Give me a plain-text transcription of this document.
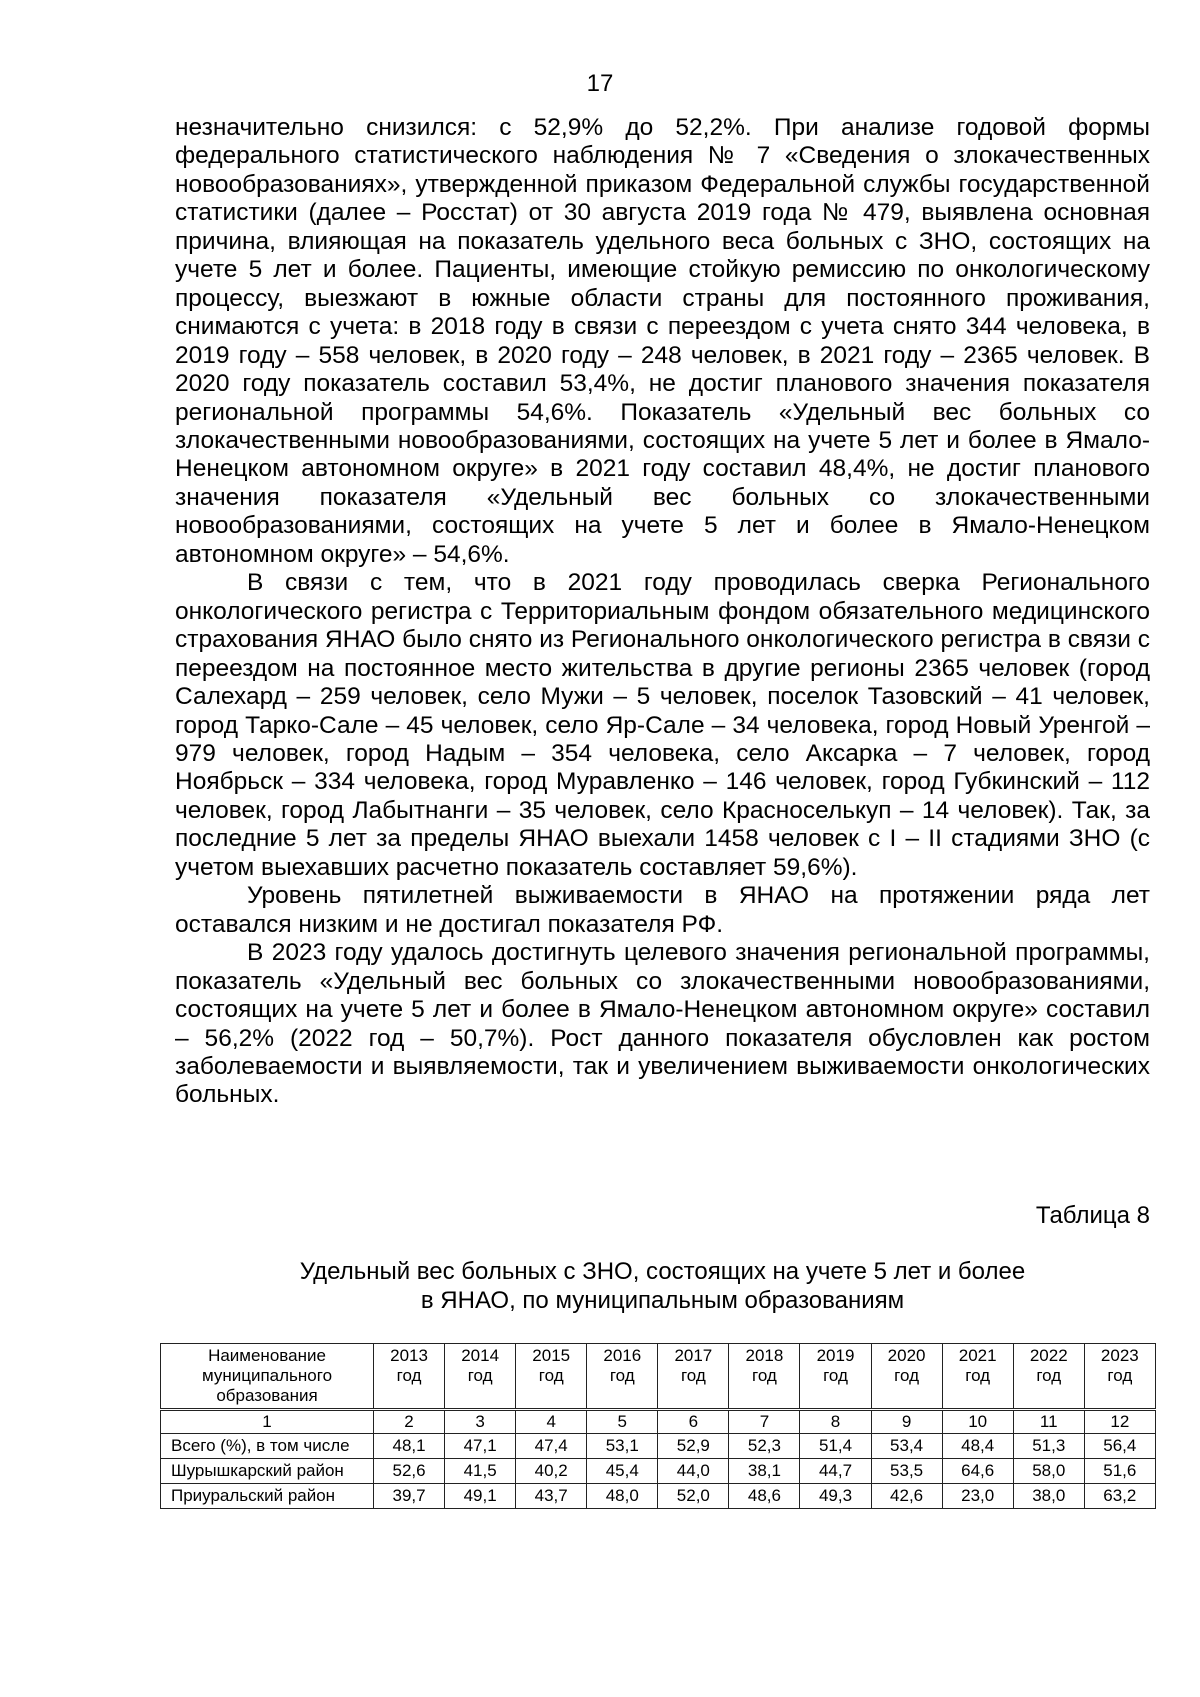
17

незначительно снизился: с 52,9% до 52,2%. При анализе годовой формы федерального статистического наблюдения № 7 «Сведения о злокачественных новообразованиях», утвержденной приказом Федеральной службы государственной статистики (далее – Росстат) от 30 августа 2019 года № 479, выявлена основная причина, влияющая на показатель удельного веса больных с ЗНО, состоящих на учете 5 лет и более. Пациенты, имеющие стойкую ремиссию по онкологическому процессу, выезжают в южные области страны для постоянного проживания, снимаются с учета: в 2018 году в связи с переездом с учета снято 344 человека, в 2019 году – 558 человек, в 2020 году – 248 человек, в 2021 году – 2365 человек. В 2020 году показатель составил 53,4%, не достиг планового значения показателя региональной программы 54,6%. Показатель «Удельный вес больных со злокачественными новообразованиями, состоящих на учете 5 лет и более в Ямало-Ненецком автономном округе» в 2021 году составил 48,4%, не достиг планового значения показателя «Удельный вес больных со злокачественными новообразованиями, состоящих на учете 5 лет и более в Ямало-Ненецком автономном округе» – 54,6%.

В связи с тем, что в 2021 году проводилась сверка Регионального онкологического регистра с Территориальным фондом обязательного медицинского страхования ЯНАО было снято из Регионального онкологического регистра в связи с переездом на постоянное место жительства в другие регионы 2365 человек (город Салехард – 259 человек, село Мужи – 5 человек, поселок Тазовский – 41 человек, город Тарко-Сале – 45 человек, село Яр-Сале – 34 человека, город Новый Уренгой – 979 человек, город Надым – 354 человека, село Аксарка – 7 человек, город Ноябрьск – 334 человека, город Муравленко – 146 человек, город Губкинский – 112 человек, город Лабытнанги – 35 человек, село Красноселькуп – 14 человек). Так, за последние 5 лет за пределы ЯНАО выехали 1458 человек с I – II стадиями ЗНО (с учетом выехавших расчетно показатель составляет 59,6%).

Уровень пятилетней выживаемости в ЯНАО на протяжении ряда лет оставался низким и не достигал показателя РФ.

В 2023 году удалось достигнуть целевого значения региональной программы, показатель «Удельный вес больных со злокачественными новообразованиями, состоящих на учете 5 лет и более в Ямало-Ненецком автономном округе» составил – 56,2% (2022 год – 50,7%). Рост данного показателя обусловлен как ростом заболеваемости и выявляемости, так и увеличением выживаемости онкологических больных.

Таблица 8

Удельный вес больных с ЗНО, состоящих на учете 5 лет и более
в ЯНАО, по муниципальным образованиям

Наименование муниципального образования	2013 год	2014 год	2015 год	2016 год	2017 год	2018 год	2019 год	2020 год	2021 год	2022 год	2023 год
1	2	3	4	5	6	7	8	9	10	11	12
Всего (%), в том числе	48,1	47,1	47,4	53,1	52,9	52,3	51,4	53,4	48,4	51,3	56,4
Шурышкарский район	52,6	41,5	40,2	45,4	44,0	38,1	44,7	53,5	64,6	58,0	51,6
Приуральский район	39,7	49,1	43,7	48,0	52,0	48,6	49,3	42,6	23,0	38,0	63,2
